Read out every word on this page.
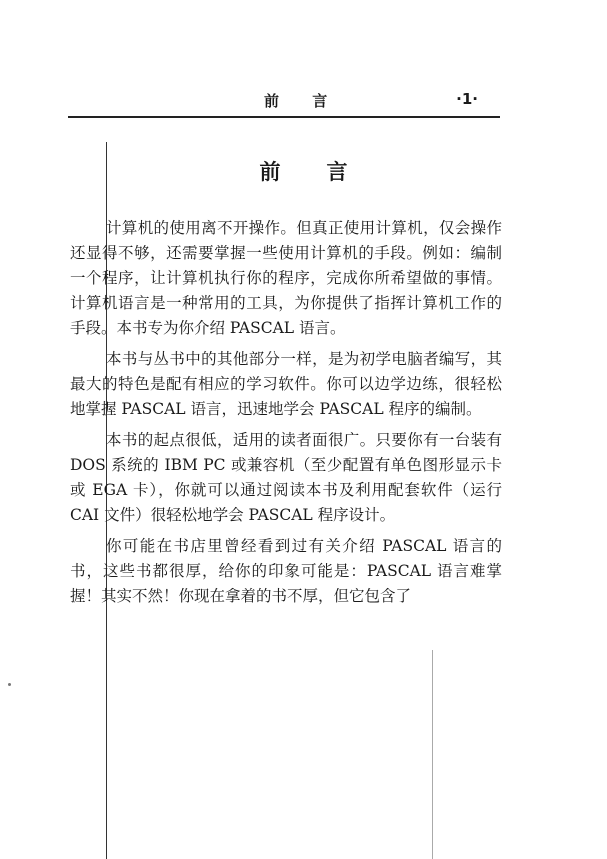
前 言	·1·
前 言

计算机的使用离不开操作。但真正使用计算机，仅会操作还显得不够，还需要掌握一些使用计算机的手段。例如：编制一个程序，让计算机执行你的程序，完成你所希望做的事情。计算机语言是一种常用的工具，为你提供了指挥计算机工作的手段。本书专为你介绍 PASCAL 语言。

本书与丛书中的其他部分一样，是为初学电脑者编写，其最大的特色是配有相应的学习软件。你可以边学边练，很轻松地掌握 PASCAL 语言，迅速地学会 PASCAL 程序的编制。

本书的起点很低，适用的读者面很广。只要你有一台装有 DOS 系统的 IBM PC 或兼容机（至少配置有单色图形显示卡或 EGA 卡），你就可以通过阅读本书及利用配套软件（运行 CAI 文件）很轻松地学会 PASCAL 程序设计。

你可能在书店里曾经看到过有关介绍 PASCAL 语言的书，这些书都很厚，给你的印象可能是：PASCAL 语言难掌握！其实不然！你现在拿着的书不厚，但它包含了
